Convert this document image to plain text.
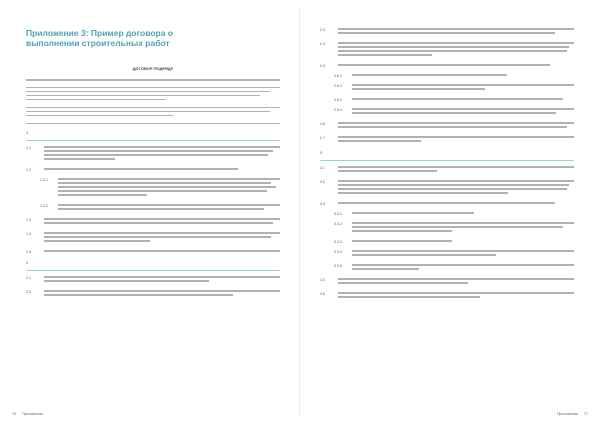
Приложение 3: Пример договора о выполнении строительных работ
ДОГОВОР ПОДРЯДУ
1
1.1
1.2
1.2.1
1.2.2
1.3
1.4
1.5
2
2.1
2.2
76 Приложения
2.3
2.4
2.5
2.5.1
2.5.2
2.5.3
2.5.4
2.6
2.7
3
3.1
3.2
3.3
3.3.1
3.3.2
3.3.3
3.3.4
3.3.5
3.4
3.5
Приложения 77
